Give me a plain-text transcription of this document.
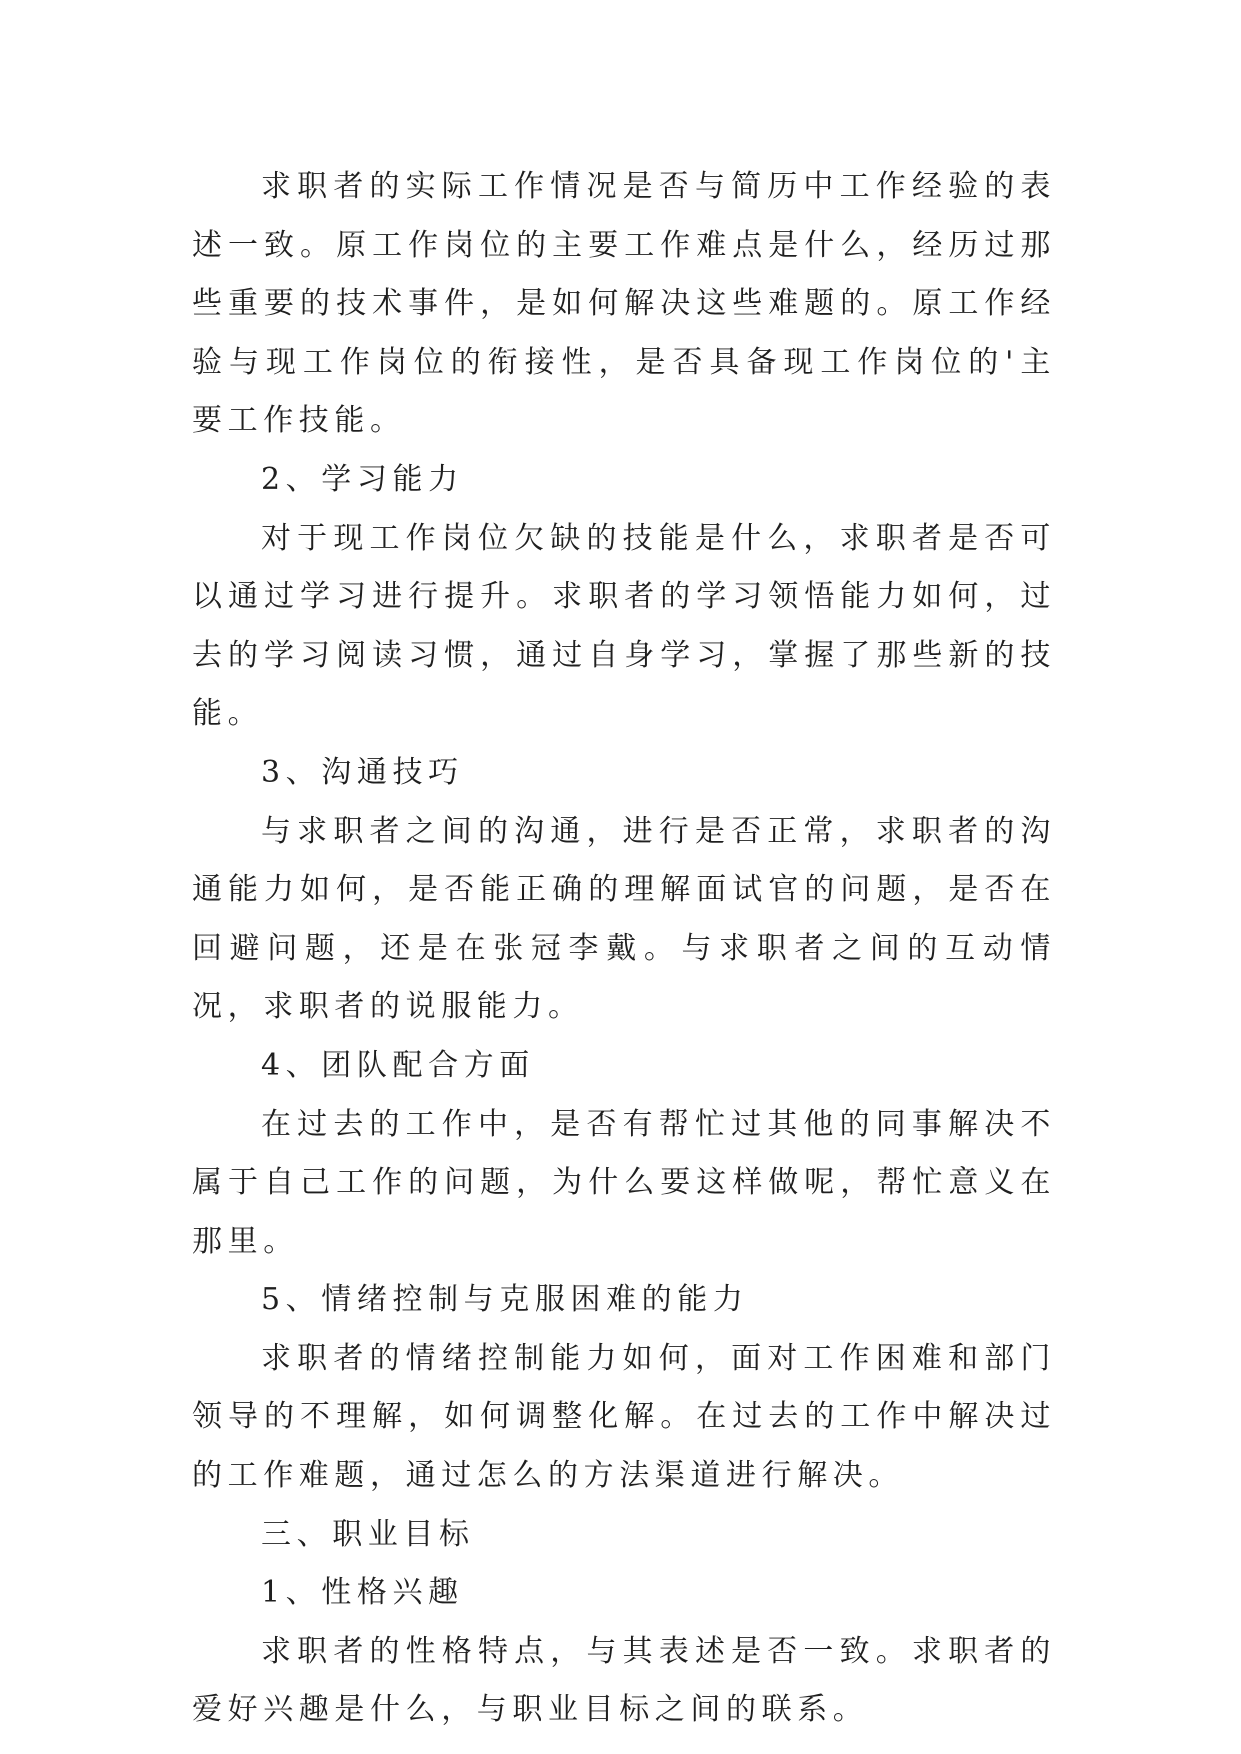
求职者的实际工作情况是否与简历中工作经验的表述一致。原工作岗位的主要工作难点是什么，经历过那些重要的技术事件，是如何解决这些难题的。原工作经验与现工作岗位的衔接性，是否具备现工作岗位的'主要工作技能。

2、学习能力

对于现工作岗位欠缺的技能是什么，求职者是否可以通过学习进行提升。求职者的学习领悟能力如何，过去的学习阅读习惯，通过自身学习，掌握了那些新的技能。

3、沟通技巧

与求职者之间的沟通，进行是否正常，求职者的沟通能力如何，是否能正确的理解面试官的问题，是否在回避问题，还是在张冠李戴。与求职者之间的互动情况，求职者的说服能力。

4、团队配合方面

在过去的工作中，是否有帮忙过其他的同事解决不属于自己工作的问题，为什么要这样做呢，帮忙意义在那里。

5、情绪控制与克服困难的能力

求职者的情绪控制能力如何，面对工作困难和部门领导的不理解，如何调整化解。在过去的工作中解决过的工作难题，通过怎么的方法渠道进行解决。

三、职业目标

1、性格兴趣

求职者的性格特点，与其表述是否一致。求职者的爱好兴趣是什么，与职业目标之间的联系。
